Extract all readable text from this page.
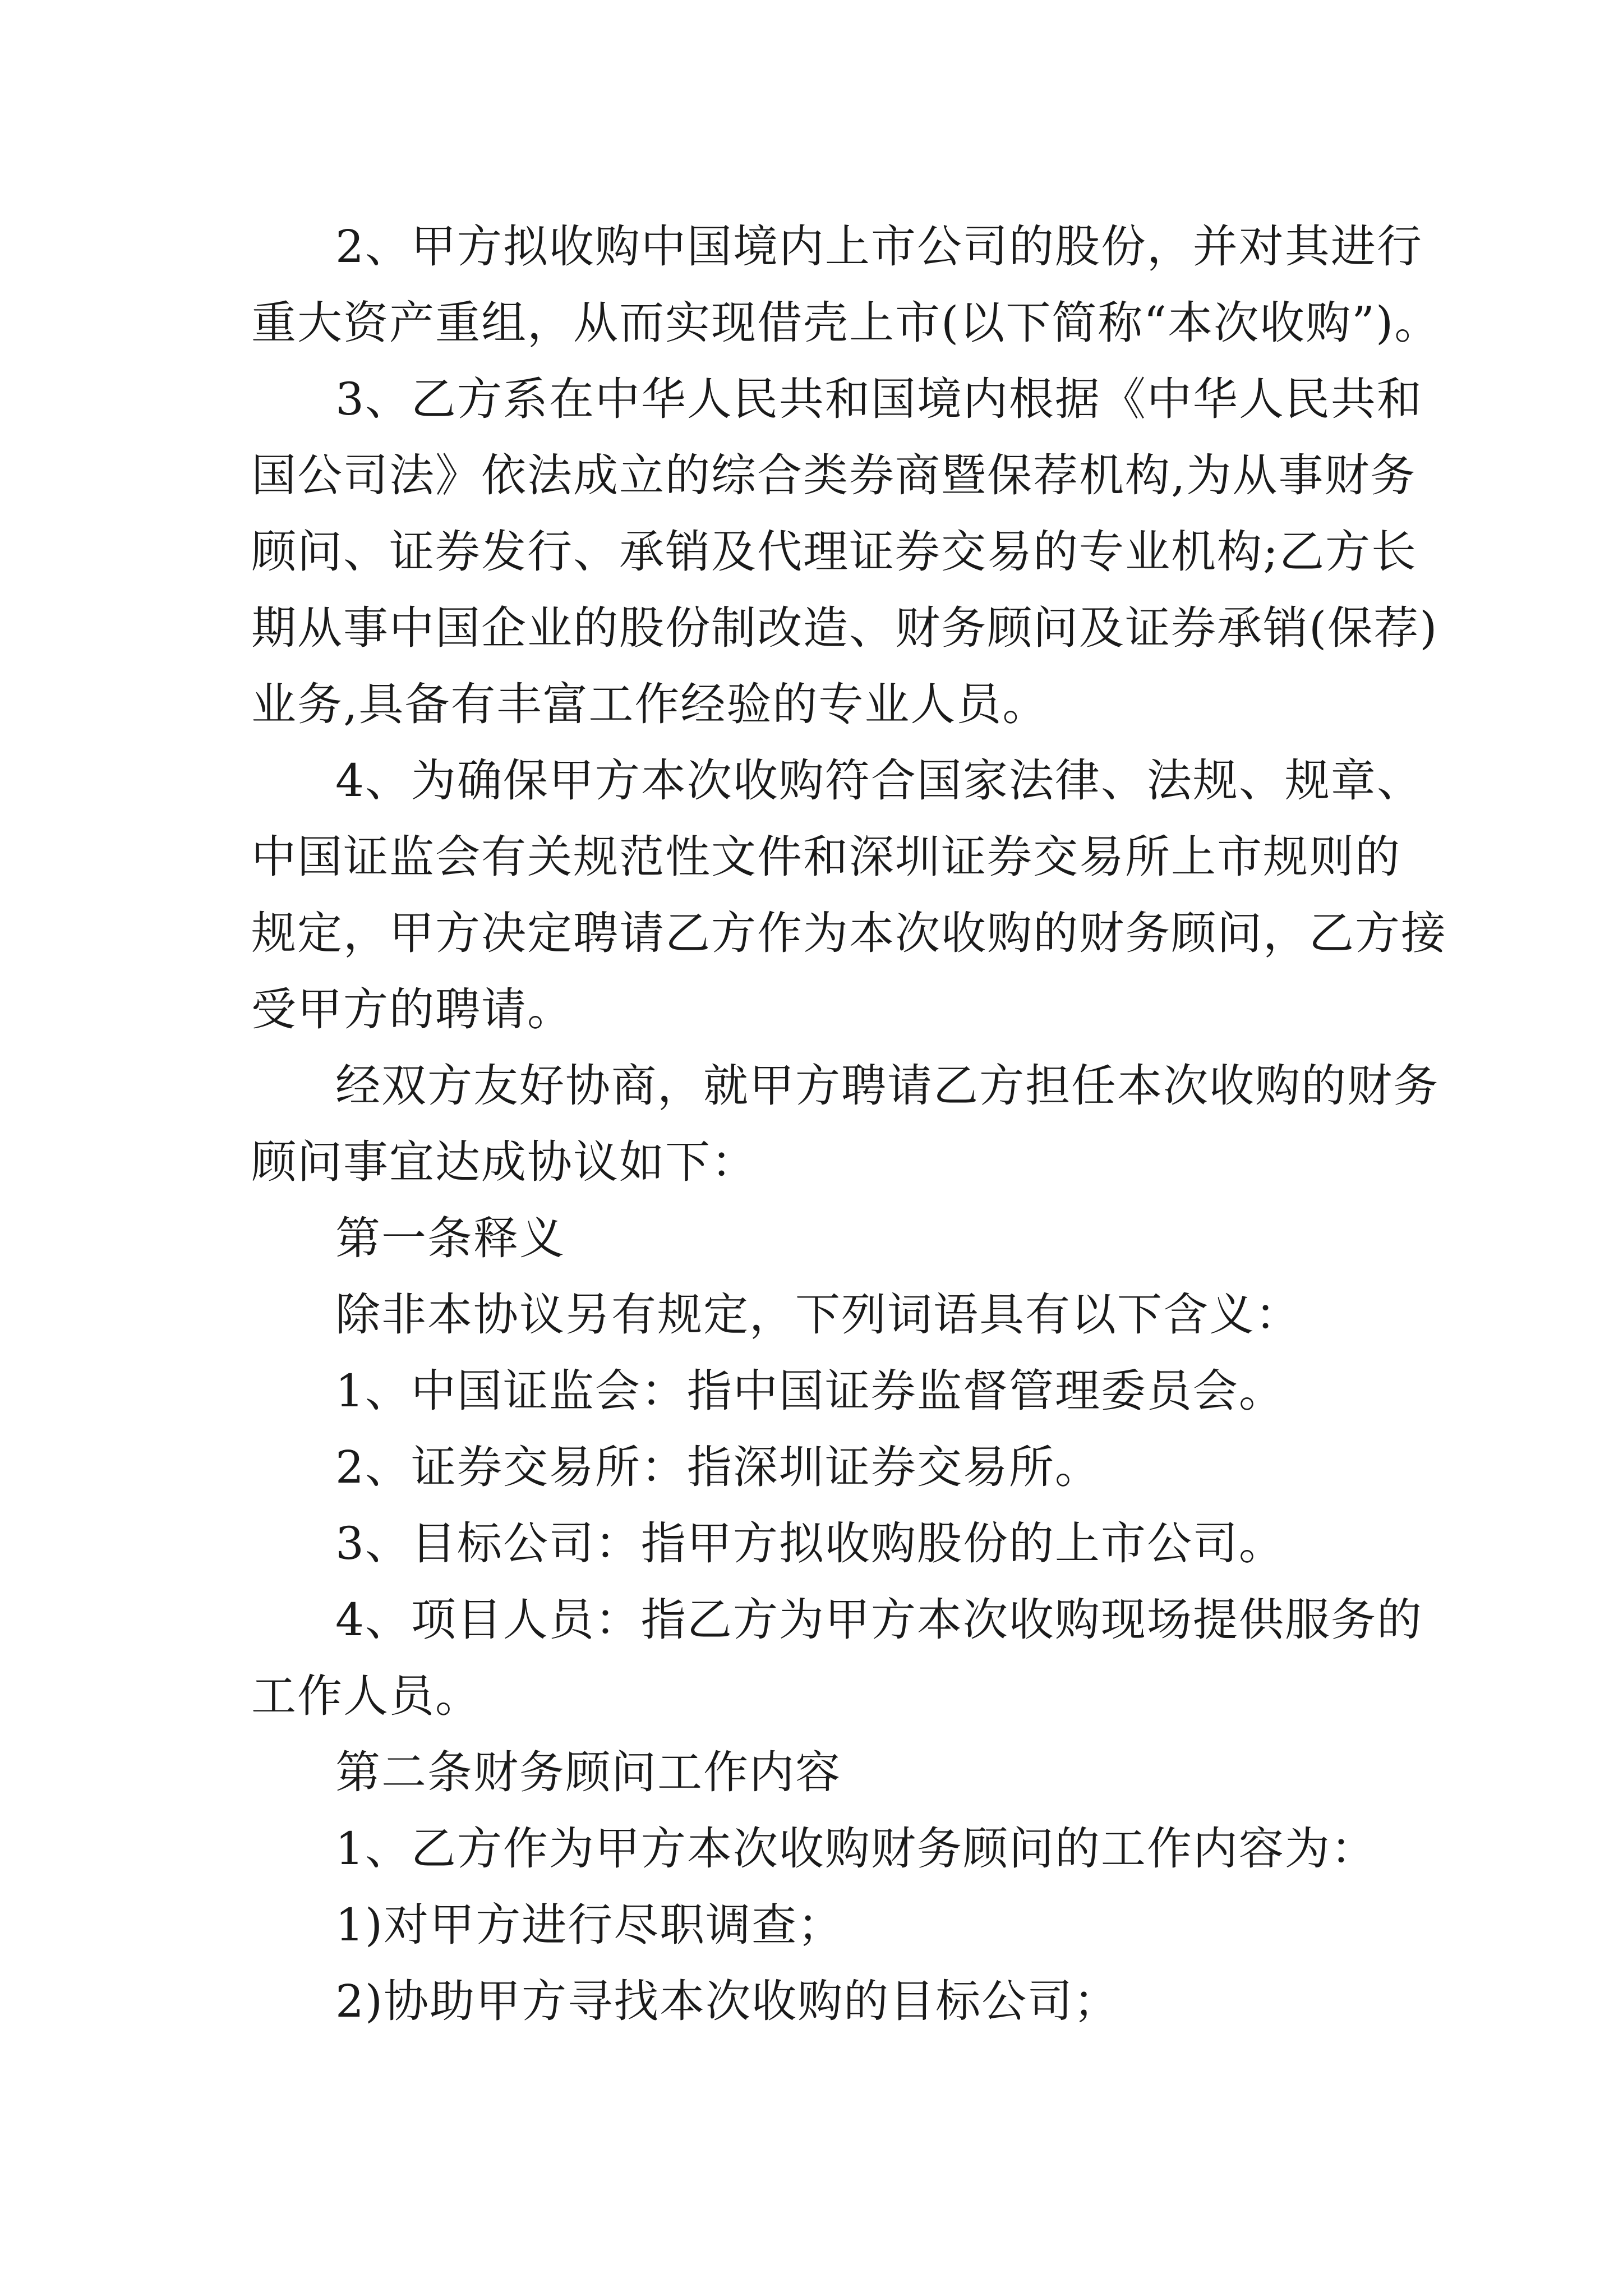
2、甲方拟收购中国境内上市公司的股份，并对其进行
重大资产重组，从而实现借壳上市(以下简称“本次收购”)。
3、乙方系在中华人民共和国境内根据《中华人民共和
国公司法》依法成立的综合类券商暨保荐机构,为从事财务
顾问、证券发行、承销及代理证券交易的专业机构;乙方长
期从事中国企业的股份制改造、财务顾问及证券承销(保荐)
业务,具备有丰富工作经验的专业人员。
4、为确保甲方本次收购符合国家法律、法规、规章、
中国证监会有关规范性文件和深圳证券交易所上市规则的
规定，甲方决定聘请乙方作为本次收购的财务顾问，乙方接
受甲方的聘请。
经双方友好协商，就甲方聘请乙方担任本次收购的财务
顾问事宜达成协议如下：
第一条释义
除非本协议另有规定，下列词语具有以下含义：
1、中国证监会：指中国证券监督管理委员会。
2、证券交易所：指深圳证券交易所。
3、目标公司：指甲方拟收购股份的上市公司。
4、项目人员：指乙方为甲方本次收购现场提供服务的
工作人员。
第二条财务顾问工作内容
1、乙方作为甲方本次收购财务顾问的工作内容为：
1)对甲方进行尽职调查；
2)协助甲方寻找本次收购的目标公司；
